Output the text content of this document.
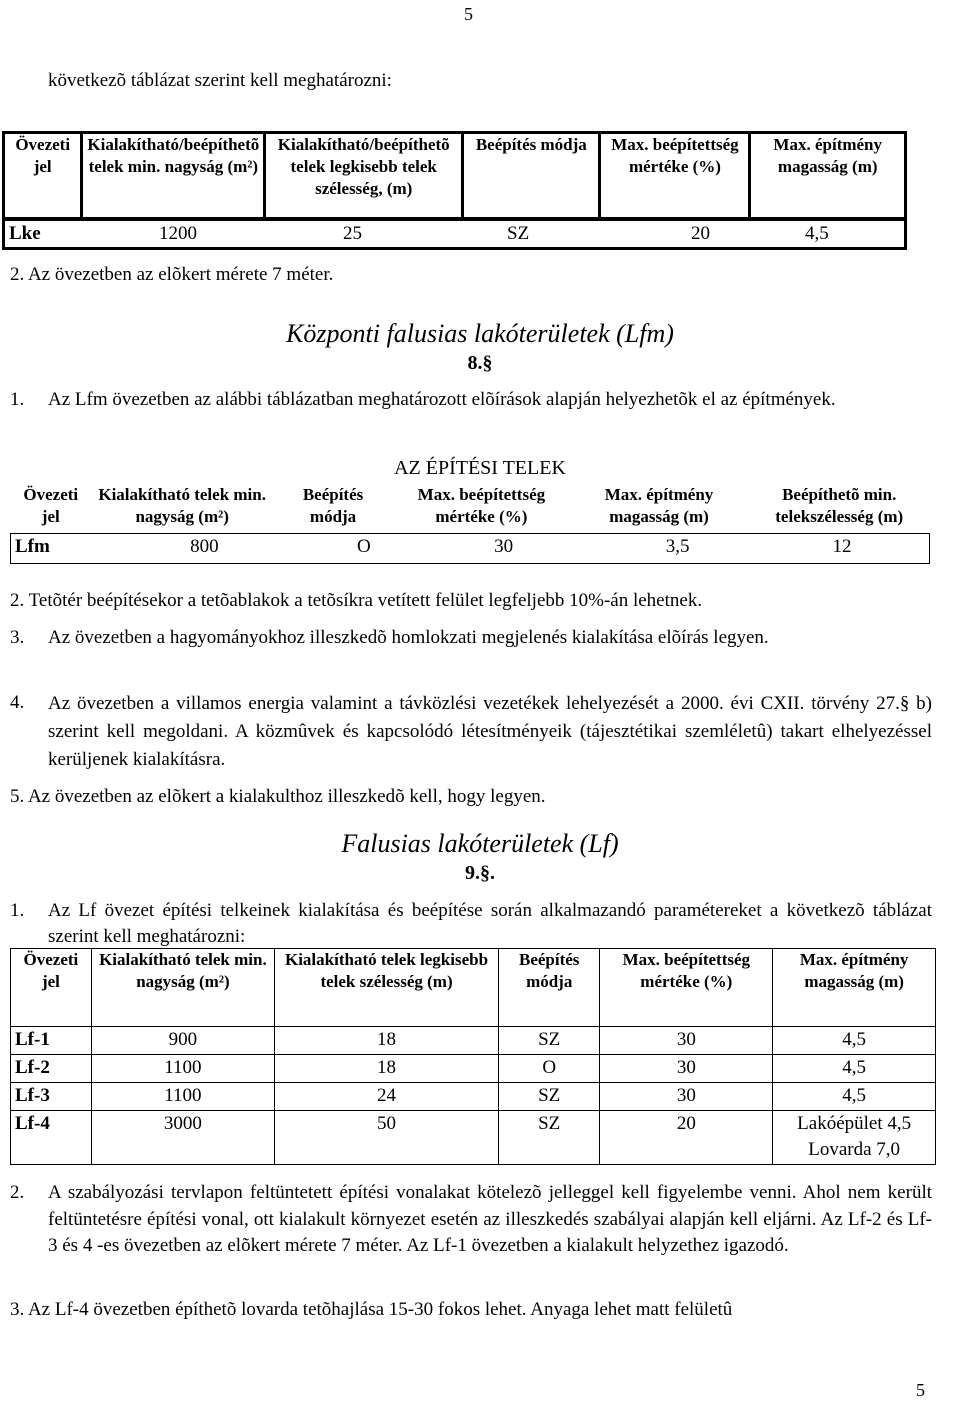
5
következõ táblázat szerint kell meghatározni:
Övezeti jel	Kialakítható/beépíthetõ telek min. nagyság (m²)	Kialakítható/beépíthetõ telek legkisebb telek szélesség, (m)	Beépítés módja	Max. beépítettség mértéke (%)	Max. építmény magasság (m)
Lke	1200	25	SZ	20	4,5
2. Az övezetben az elõkert mérete 7 méter.
Központi falusias lakóterületek (Lfm)
8.§
1. Az Lfm övezetben az alábbi táblázatban meghatározott elõírások alapján helyezhetõk el az építmények.
AZ ÉPÍTÉSI TELEK
Övezeti jel	Kialakítható telek min. nagyság (m²)	Beépítés módja	Max. beépítettség mértéke (%)	Max. építmény magasság (m)	Beépíthetõ min. telekszélesség (m)
Lfm	800	O	30	3,5	12
2. Tetõtér beépítésekor a tetõablakok a tetõsíkra vetített felület legfeljebb 10%-án lehetnek.
3. Az övezetben a hagyományokhoz illeszkedõ homlokzati megjelenés kialakítása elõírás legyen.
4. Az övezetben a villamos energia valamint a távközlési vezetékek lehelyezését a 2000. évi CXII. törvény 27.§ b) szerint kell megoldani. A közmûvek és kapcsolódó létesítményeik (tájesztétikai szemléletû) takart elhelyezéssel kerüljenek kialakításra.
5. Az övezetben az elõkert a kialakulthoz illeszkedõ kell, hogy legyen.
Falusias lakóterületek (Lf)
9.§.
1. Az Lf övezet építési telkeinek kialakítása és beépítése során alkalmazandó paramétereket a következõ táblázat szerint kell meghatározni:
Övezeti jel	Kialakítható telek min. nagyság (m²)	Kialakítható telek legkisebb telek szélesség (m)	Beépítés módja	Max. beépítettség mértéke (%)	Max. építmény magasság (m)
Lf-1	900	18	SZ	30	4,5
Lf-2	1100	18	O	30	4,5
Lf-3	1100	24	SZ	30	4,5
Lf-4	3000	50	SZ	20	Lakóépület 4,5 Lovarda 7,0
2. A szabályozási tervlapon feltüntetett építési vonalakat kötelezõ jelleggel kell figyelembe venni. Ahol nem került feltüntetésre építési vonal, ott kialakult környezet esetén az illeszkedés szabályai alapján kell eljárni. Az Lf-2 és Lf-3 és 4 -es övezetben az elõkert mérete 7 méter. Az Lf-1 övezetben a kialakult helyzethez igazodó.
3. Az Lf-4 övezetben építhetõ lovarda tetõhajlása 15-30 fokos lehet. Anyaga lehet matt felületû
5
